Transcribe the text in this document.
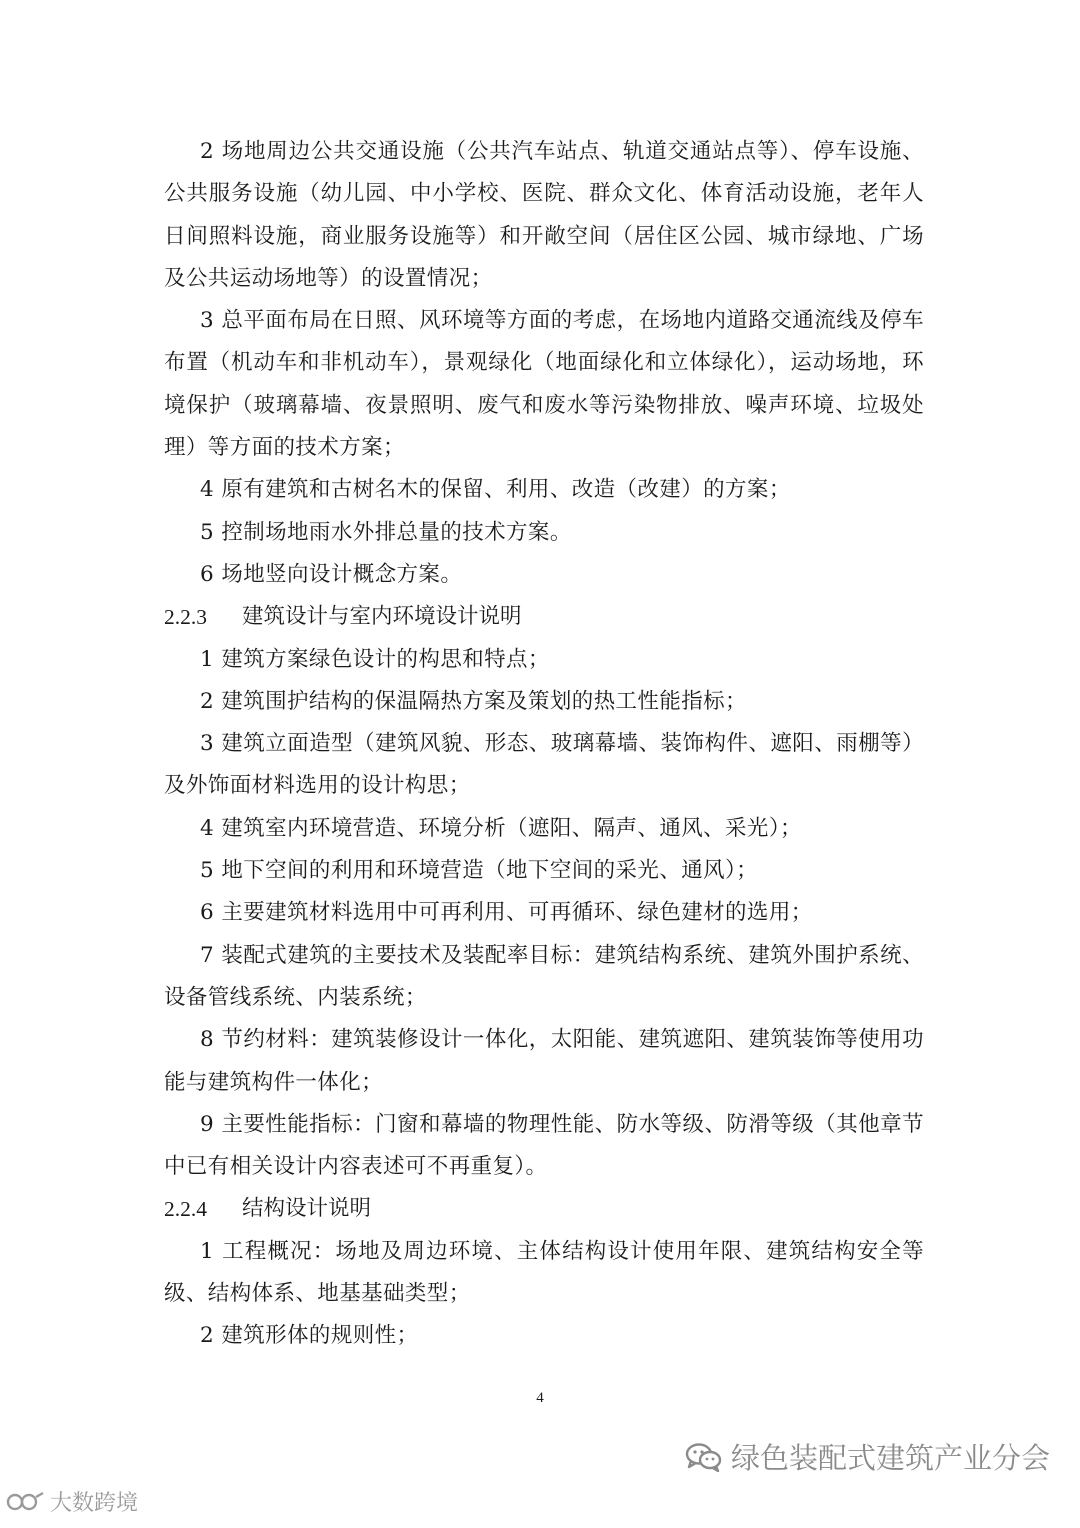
2 场地周边公共交通设施（公共汽车站点、轨道交通站点等）、停车设施、公共服务设施（幼儿园、中小学校、医院、群众文化、体育活动设施，老年人日间照料设施，商业服务设施等）和开敞空间（居住区公园、城市绿地、广场及公共运动场地等）的设置情况；

3 总平面布局在日照、风环境等方面的考虑，在场地内道路交通流线及停车布置（机动车和非机动车），景观绿化（地面绿化和立体绿化），运动场地，环境保护（玻璃幕墙、夜景照明、废气和废水等污染物排放、噪声环境、垃圾处理）等方面的技术方案；

4 原有建筑和古树名木的保留、利用、改造（改建）的方案；

5 控制场地雨水外排总量的技术方案。

6 场地竖向设计概念方案。

2.2.3	建筑设计与室内环境设计说明

1 建筑方案绿色设计的构思和特点；

2 建筑围护结构的保温隔热方案及策划的热工性能指标；

3 建筑立面造型（建筑风貌、形态、玻璃幕墙、装饰构件、遮阳、雨棚等）及外饰面材料选用的设计构思；

4 建筑室内环境营造、环境分析（遮阳、隔声、通风、采光）；

5 地下空间的利用和环境营造（地下空间的采光、通风）；

6 主要建筑材料选用中可再利用、可再循环、绿色建材的选用；

7 装配式建筑的主要技术及装配率目标：建筑结构系统、建筑外围护系统、设备管线系统、内装系统；

8 节约材料：建筑装修设计一体化，太阳能、建筑遮阳、建筑装饰等使用功能与建筑构件一体化；

9 主要性能指标：门窗和幕墙的物理性能、防水等级、防滑等级（其他章节中已有相关设计内容表述可不再重复）。

2.2.4	结构设计说明

1 工程概况：场地及周边环境、主体结构设计使用年限、建筑结构安全等级、结构体系、地基基础类型；

2 建筑形体的规则性；

4
绿色装配式建筑产业分会
大数跨境
